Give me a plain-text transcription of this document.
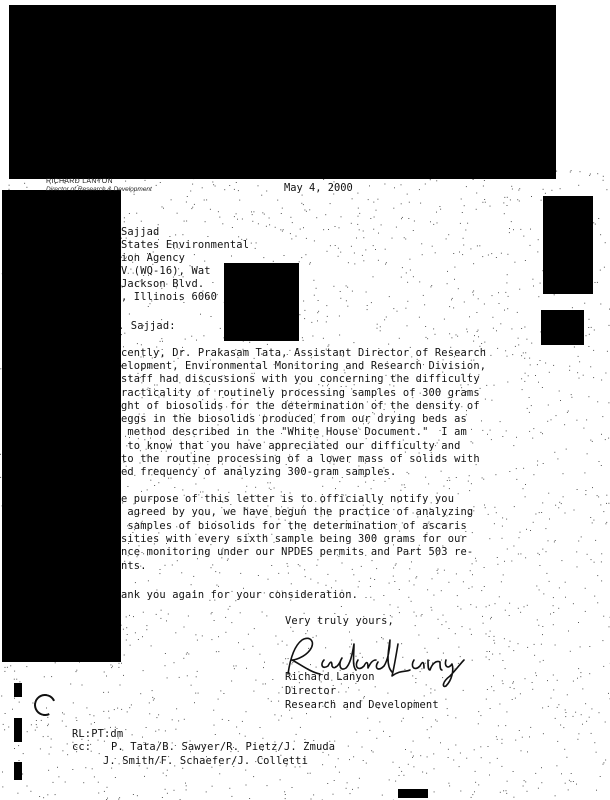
RICHARD LANYON
Director of Research & Development	May 4, 2000
Sajjad
States Environmental
ion Agency
V (WQ-16), Wat
Jackson Blvd.
, Illinois 6060
. Sajjad:
cently, Dr. Prakasam Tata, Assistant Director of Research
elopment, Environmental Monitoring and Research Division,
staff had discussions with you concerning the difficulty
racticality of routinely processing samples of 300 grams
ght of biosolids for the determination of the density of
eggs in the biosolids produced from our drying beds as
method described in the "White House Document."  I am
to know that you have appreciated our difficulty and
to the routine processing of a lower mass of solids with
ed frequency of analyzing 300-gram samples.
e purpose of this letter is to officially notify you
agreed by you, we have begun the practice of analyzing
samples of biosolids for the determination of ascaris
sities with every sixth sample being 300 grams for our
nce monitoring under our NPDES permits and Part 503 re-
nts.
ank you again for your consideration.
Very truly yours,
Richard Lanyon
Director
Research and Development
RL:PT:dm
cc: P. Tata/B. Sawyer/R. Pietz/J. Zmuda
J. Smith/F. Schaefer/J. Colletti
